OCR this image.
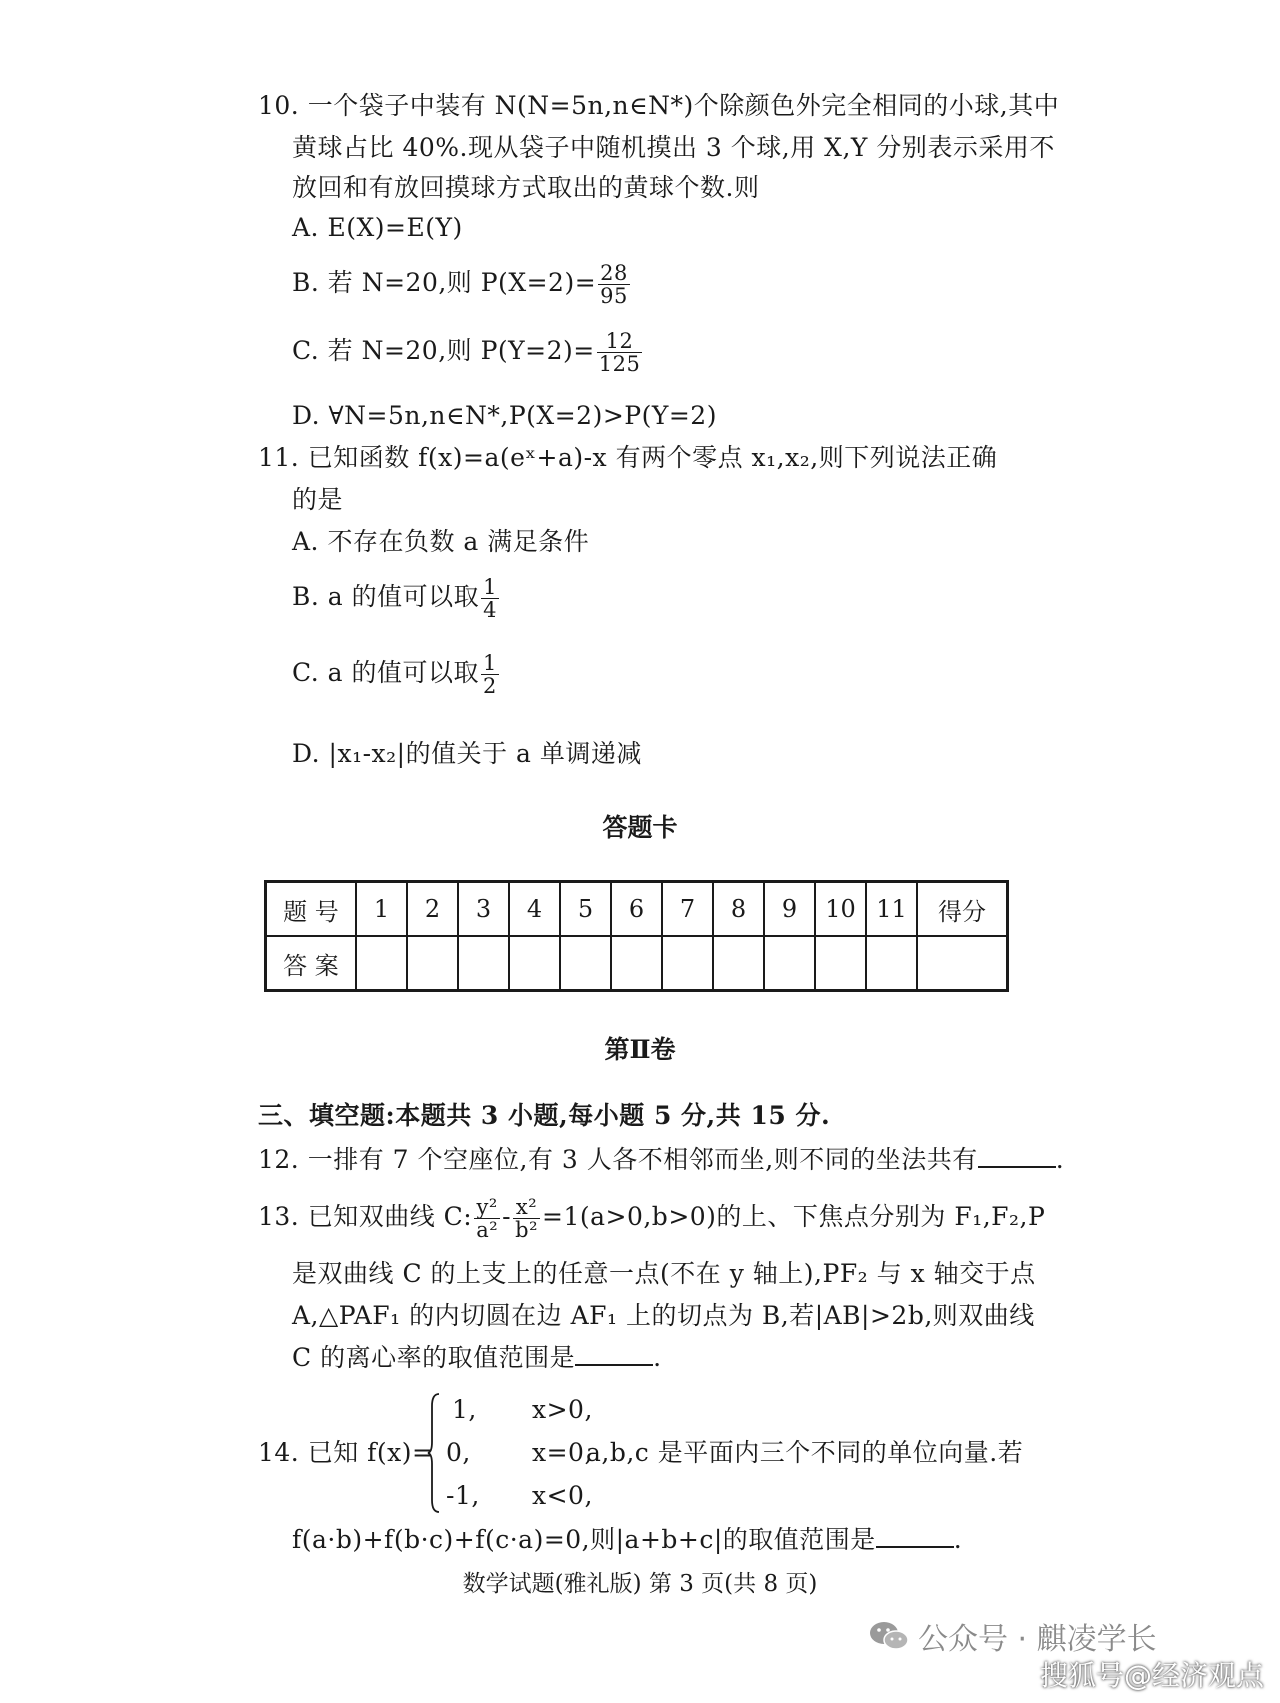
10. 一个袋子中装有 N(N=5n,n∈N*)个除颜色外完全相同的小球,其中
黄球占比 40%.现从袋子中随机摸出 3 个球,用 X,Y 分别表示采用不
放回和有放回摸球方式取出的黄球个数.则
A. E(X)=E(Y)
B. 若 N=20,则 $P(X=2)= \frac{28}{95}$
C. 若 N=20,则 $P(Y=2)= \frac{12}{125}$
D. ∀N=5n,n∈N*,P(X=2)>P(Y=2)
11. 已知函数 f(x)=a(eˣ+a)-x 有两个零点 x₁,x₂,则下列说法正确
的是
A. 不存在负数 a 满足条件
B. a 的值可以取 $\frac{1}{4}$
C. a 的值可以取 $\frac{1}{2}$
D. |x₁-x₂|的值关于 a 单调递减
答题卡
题 号	1	2	3	4	5	6	7	8	9	10	11	得分
答 案												
第Ⅱ卷
三、填空题:本题共 3 小题,每小题 5 分,共 15 分.
12. 一排有 7 个空座位,有 3 人各不相邻而坐,则不同的坐法共有	.
13. 已知双曲线 C: $\frac{\text{y²}}{\text{a²}} - \frac{\text{x²}}{\text{b²}} =1(a>0,b>0)$的上、下焦点分别为 F₁,F₂,P
是双曲线 C 的上支上的任意一点(不在 y 轴上),PF₂ 与 x 轴交于点
A,△PAF₁ 的内切圆在边 AF₁ 上的切点为 B,若|AB|>2b,则双曲线
C 的离心率的取值范围是	.
1, x>0,
14. 已知 f(x)= 0, x=0,
a,b,c 是平面内三个不同的单位向量.若
-1, x<0,
f(a·b)+f(b·c)+f(c·a)=0,则|a+b+c|的取值范围是	.
数学试题(雅礼版) 第 3 页(共 8 页)
公众号 · 麒凌学长
搜狐号@经济观点
